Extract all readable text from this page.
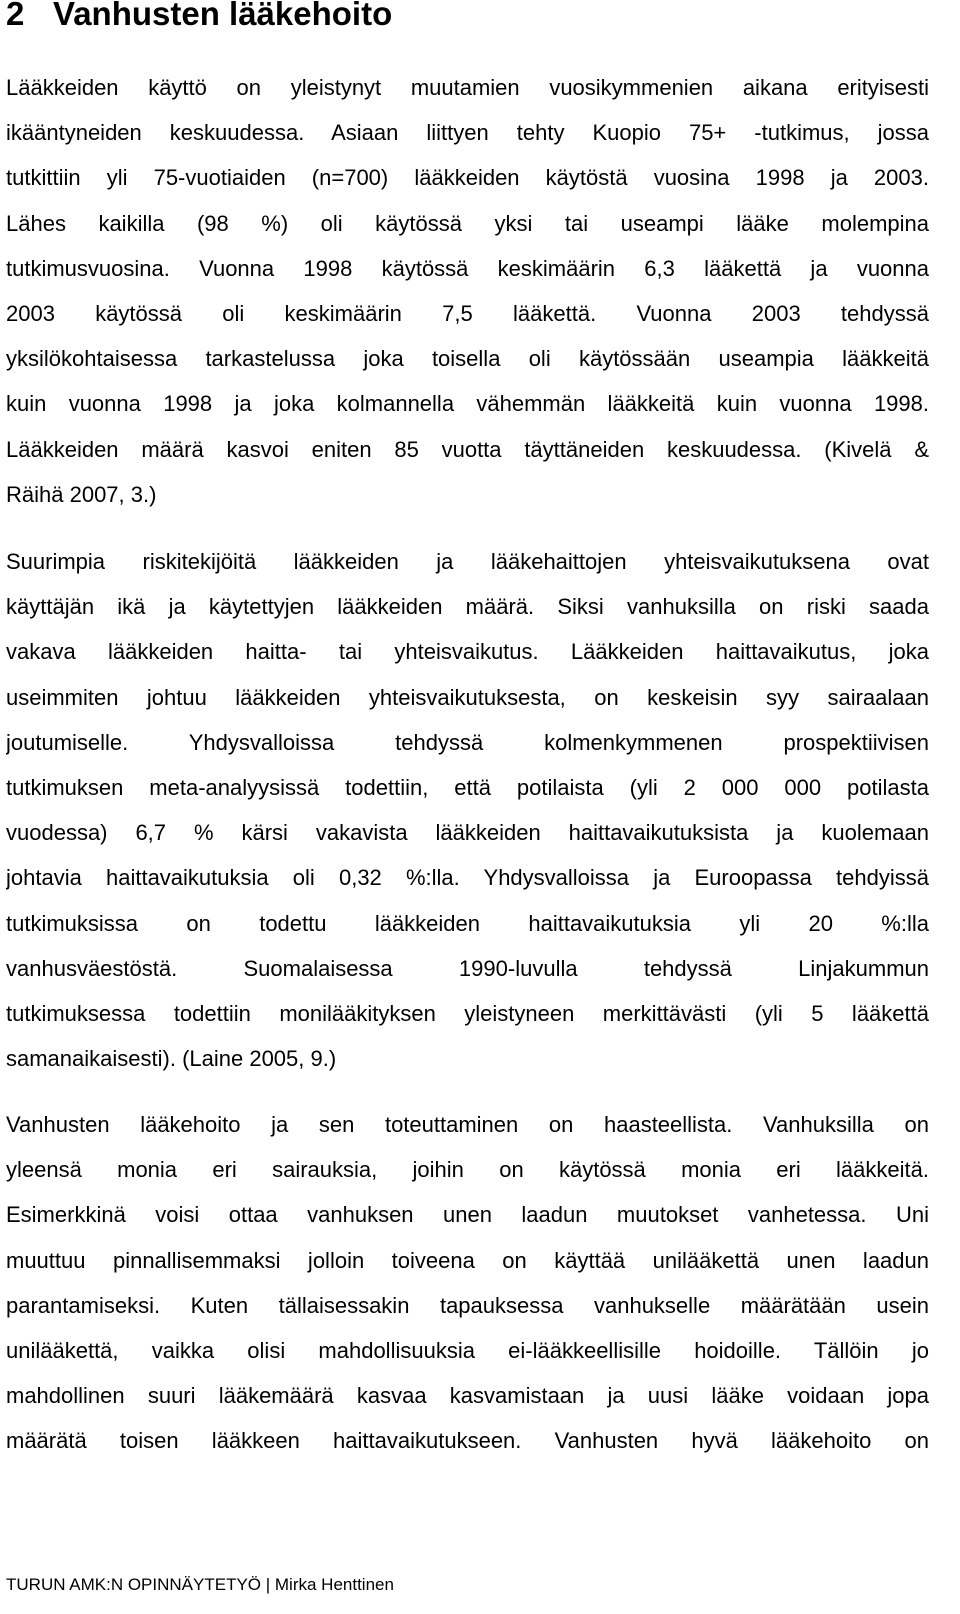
2 Vanhusten lääkehoito
Lääkkeiden käyttö on yleistynyt muutamien vuosikymmenien aikana erityisesti
ikääntyneiden keskuudessa. Asiaan liittyen tehty Kuopio 75+ -tutkimus, jossa
tutkittiin yli 75-vuotiaiden (n=700) lääkkeiden käytöstä vuosina 1998 ja 2003.
Lähes kaikilla (98 %) oli käytössä yksi tai useampi lääke molempina
tutkimusvuosina. Vuonna 1998 käytössä keskimäärin 6,3 lääkettä ja vuonna
2003 käytössä oli keskimäärin 7,5 lääkettä. Vuonna 2003 tehdyssä
yksilökohtaisessa tarkastelussa joka toisella oli käytössään useampia lääkkeitä
kuin vuonna 1998 ja joka kolmannella vähemmän lääkkeitä kuin vuonna 1998.
Lääkkeiden määrä kasvoi eniten 85 vuotta täyttäneiden keskuudessa. (Kivelä &
Räihä 2007, 3.)
Suurimpia riskitekijöitä lääkkeiden ja lääkehaittojen yhteisvaikutuksena ovat
käyttäjän ikä ja käytettyjen lääkkeiden määrä. Siksi vanhuksilla on riski saada
vakava lääkkeiden haitta- tai yhteisvaikutus. Lääkkeiden haittavaikutus, joka
useimmiten johtuu lääkkeiden yhteisvaikutuksesta, on keskeisin syy sairaalaan
joutumiselle. Yhdysvalloissa tehdyssä kolmenkymmenen prospektiivisen
tutkimuksen meta-analyysissä todettiin, että potilaista (yli 2 000 000 potilasta
vuodessa) 6,7 % kärsi vakavista lääkkeiden haittavaikutuksista ja kuolemaan
johtavia haittavaikutuksia oli 0,32 %:lla. Yhdysvalloissa ja Euroopassa tehdyissä
tutkimuksissa on todettu lääkkeiden haittavaikutuksia yli 20 %:lla
vanhusväestöstä. Suomalaisessa 1990-luvulla tehdyssä Linjakummun
tutkimuksessa todettiin monilääkityksen yleistyneen merkittävästi (yli 5 lääkettä
samanaikaisesti). (Laine 2005, 9.)
Vanhusten lääkehoito ja sen toteuttaminen on haasteellista. Vanhuksilla on
yleensä monia eri sairauksia, joihin on käytössä monia eri lääkkeitä.
Esimerkkinä voisi ottaa vanhuksen unen laadun muutokset vanhetessa. Uni
muuttuu pinnallisemmaksi jolloin toiveena on käyttää unilääkettä unen laadun
parantamiseksi. Kuten tällaisessakin tapauksessa vanhukselle määrätään usein
unilääkettä, vaikka olisi mahdollisuuksia ei-lääkkeellisille hoidoille. Tällöin jo
mahdollinen suuri lääkemäärä kasvaa kasvamistaan ja uusi lääke voidaan jopa
määrätä toisen lääkkeen haittavaikutukseen. Vanhusten hyvä lääkehoito on
TURUN AMK:N OPINNÄYTETYÖ | Mirka Henttinen
